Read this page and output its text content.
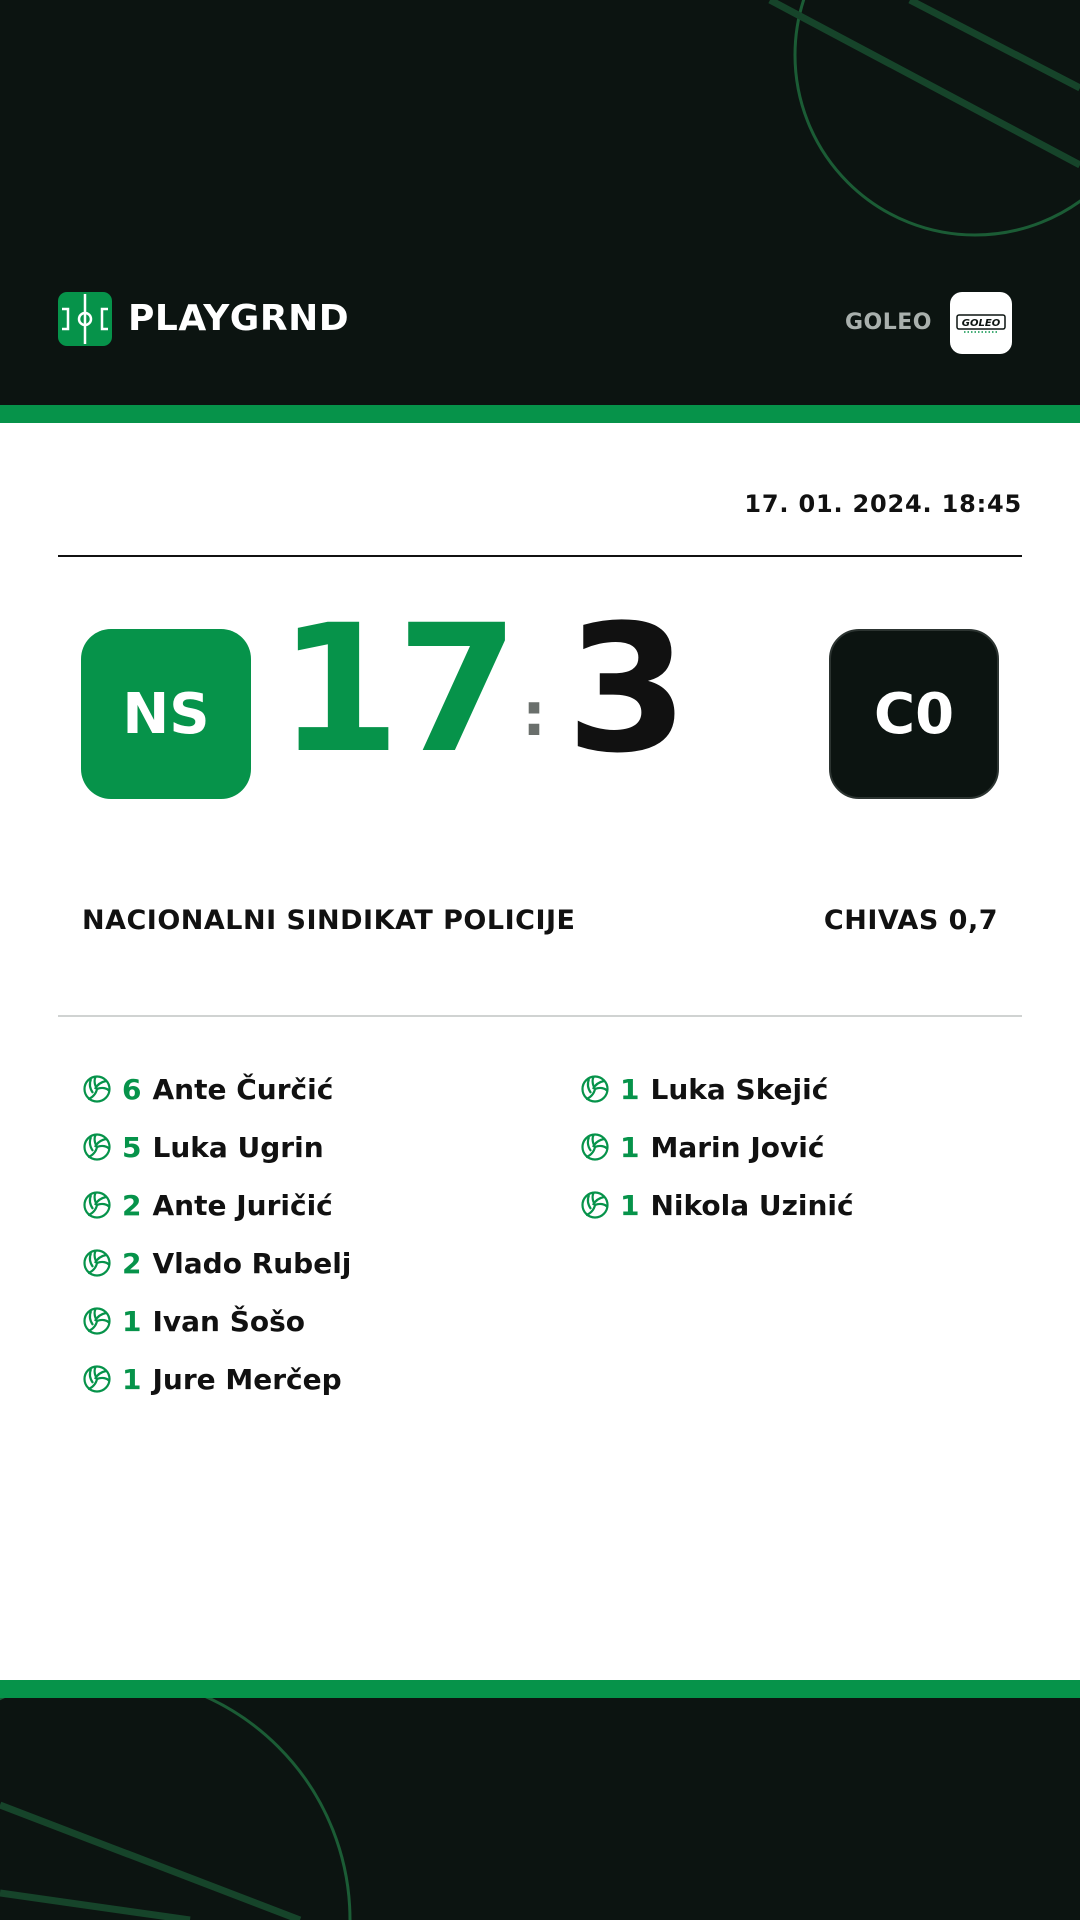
PLAYGRND	GOLEO	GOLEO
17. 01. 2024. 18:45
NS 17 : 3	C0
NACIONALNI SINDIKAT POLICIJE	CHIVAS 0,7
6 Ante Čurčić
5 Luka Ugrin
2 Ante Juričić
2 Vlado Rubelj
1 Ivan Šošo
1 Jure Merčep
1 Luka Skejić
1 Marin Jović
1 Nikola Uzinić
